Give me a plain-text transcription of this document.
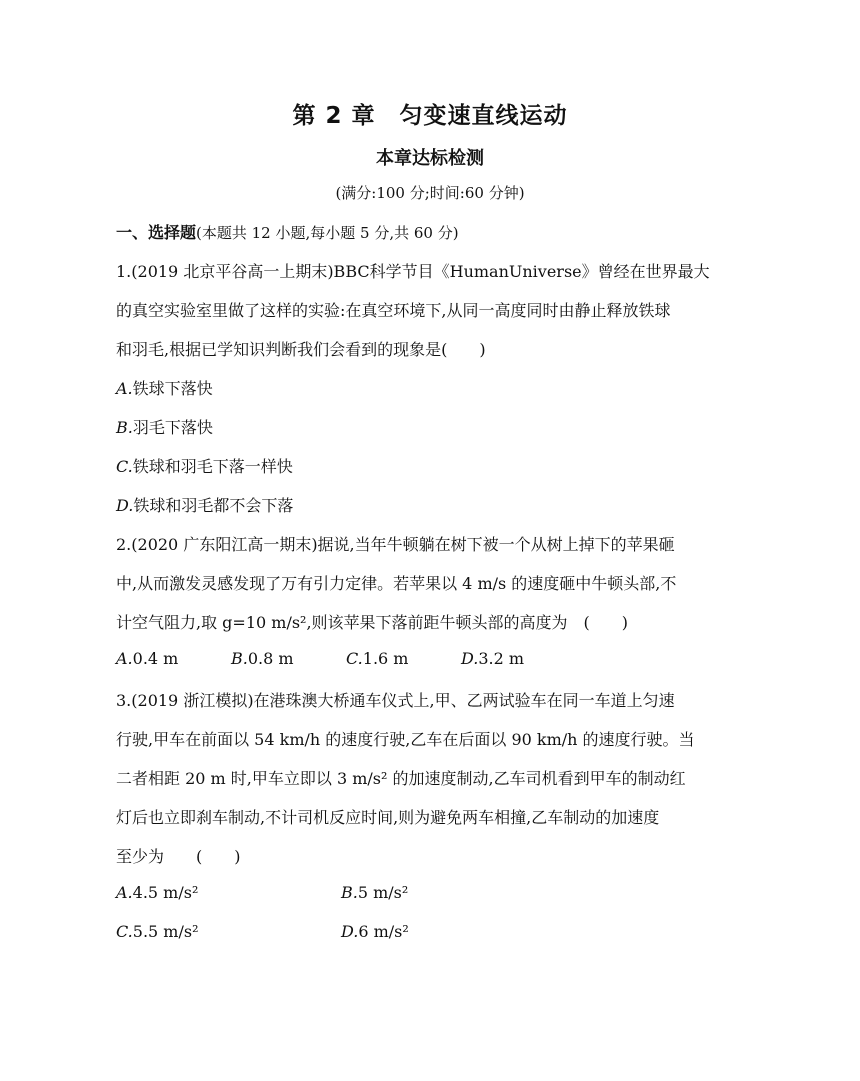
第 2 章　匀变速直线运动
本章达标检测
(满分:100 分;时间:60 分钟)
一、选择题(本题共 12 小题,每小题 5 分,共 60 分)
1.(2019 北京平谷高一上期末)BBC科学节目《HumanUniverse》曾经在世界最大
的真空实验室里做了这样的实验:在真空环境下,从同一高度同时由静止释放铁球
和羽毛,根据已学知识判断我们会看到的现象是(　　)
A.铁球下落快
B.羽毛下落快
C.铁球和羽毛下落一样快
D.铁球和羽毛都不会下落
2.(2020 广东阳江高一期末)据说,当年牛顿躺在树下被一个从树上掉下的苹果砸
中,从而激发灵感发现了万有引力定律。若苹果以 4 m/s 的速度砸中牛顿头部,不
计空气阻力,取 g=10 m/s²,则该苹果下落前距牛顿头部的高度为　(　　)
A.0.4 m	B.0.8 m	C.1.6 m	D.3.2 m
3.(2019 浙江模拟)在港珠澳大桥通车仪式上,甲、乙两试验车在同一车道上匀速
行驶,甲车在前面以 54 km/h 的速度行驶,乙车在后面以 90 km/h 的速度行驶。当
二者相距 20 m 时,甲车立即以 3 m/s² 的加速度制动,乙车司机看到甲车的制动红
灯后也立即刹车制动,不计司机反应时间,则为避免两车相撞,乙车制动的加速度
至少为　　(　　)
A.4.5 m/s²	B.5 m/s²
C.5.5 m/s²	D.6 m/s²
